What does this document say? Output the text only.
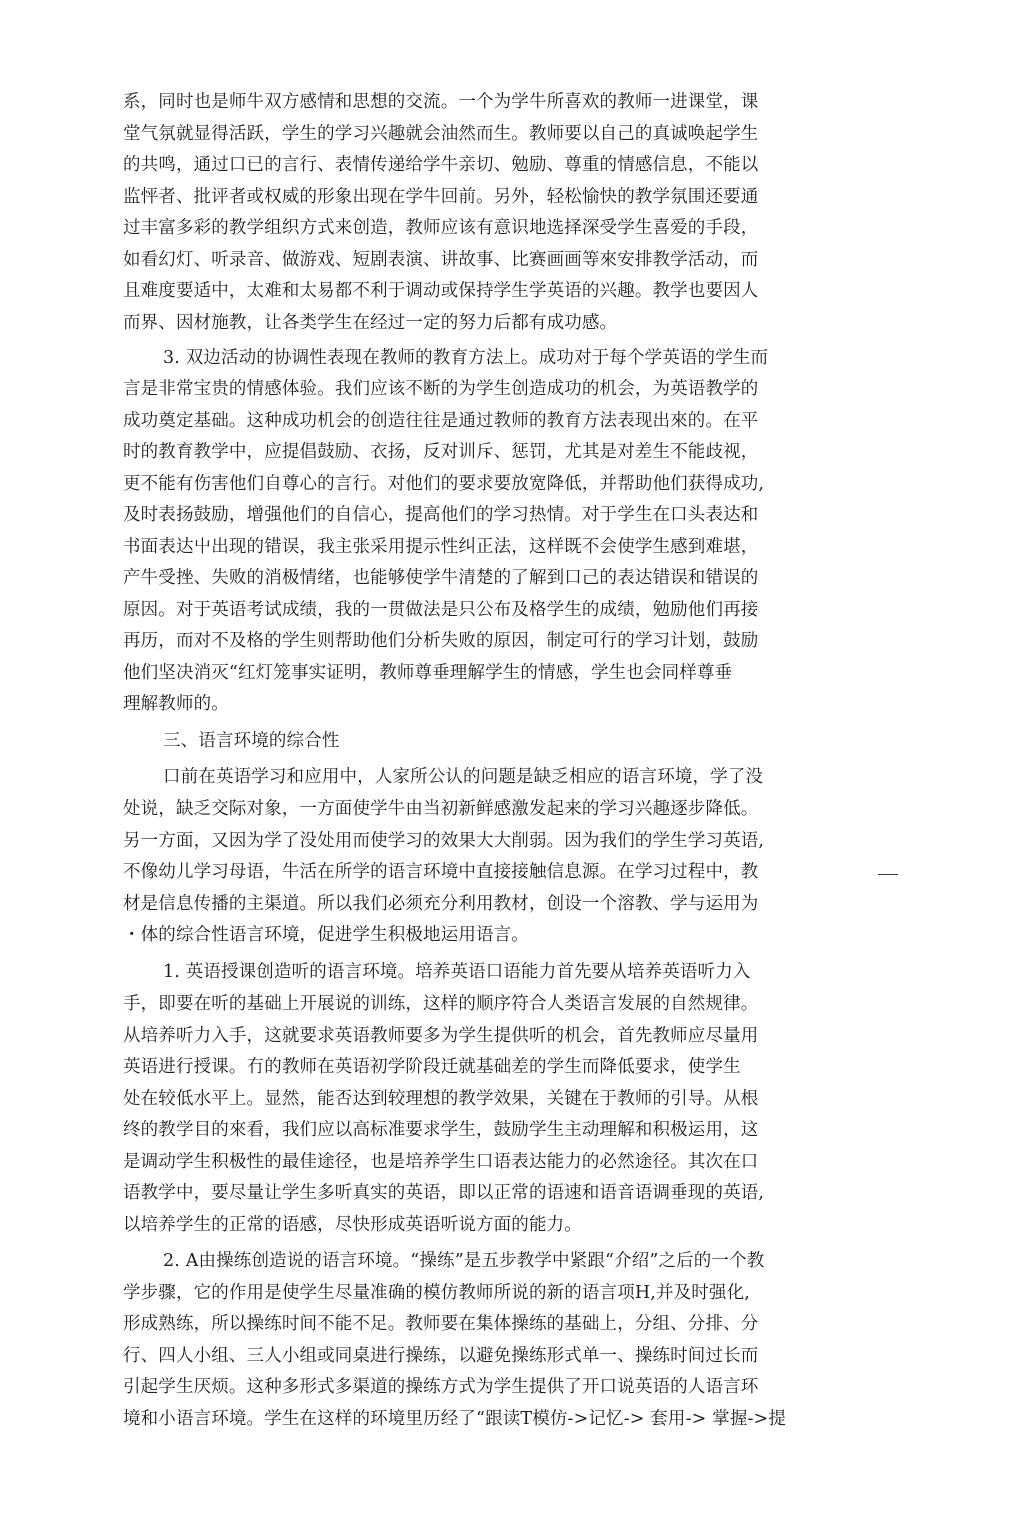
系，同时也是师牛双方感情和思想的交流。一个为学牛所喜欢的教师一进课堂，课

堂气氛就显得活跃，学生的学习兴趣就会油然而生。教师要以自己的真诚唤起学生

的共鸣，通过口已的言行、表情传递给学牛亲切、勉励、尊重的情感信息，不能以

监怦者、批评者或权威的形象出现在学牛回前。另外，轻松愉快的教学氛围还要通

过丰富多彩的教学组织方式来创造，教师应该有意识地选择深受学生喜爱的手段，

如看幻灯、听录音、做游戏、短剧表演、讲故事、比赛画画等來安排教学活动，而

且难度要适中，太难和太易都不利于调动或保持学生学英语的兴趣。教学也要因人

而界、因材施教，让各类学生在经过一定的努力后都有成功感。

3. 双边活动的协调性表现在教师的教育方法上。成功对于每个学英语的学生而

言是非常宝贵的情感体验。我们应该不断的为学生创造成功的机会，为英语教学的

成功奠定基础。这种成功机会的创造往往是通过教师的教育方法表现出來的。在平

时的教育教学中，应提倡鼓励、衣扬，反对训斥、惩罚，尤其是对差生不能歧视，

更不能有伤害他们自尊心的言行。对他们的要求要放宽降低，并帮助他们获得成功,

及时表扬鼓励，增强他们的自信心，提高他们的学习热情。对于学生在口头表达和

书面表达屮出现的错误，我主张采用提示性纠正法，这样既不会使学生感到难堪，

产牛受挫、失败的消极情绪，也能够使学牛清楚的了解到口己的表达错误和错误的

原因。对于英语考试成绩，我的一贯做法是只公布及格学生的成绩，勉励他们再接

再历，而对不及格的学生则帮助他们分析失败的原因，制定可行的学习计划，鼓励

他们坚决消灭“红灯笼事实证明，教师尊垂理解学生的情感，学生也会同样尊垂

理解教师的。

三、语言环境的综合性

口前在英语学习和应用中，人家所公认的问题是缺乏相应的语言环境，学了没

处说，缺乏交际对象，一方面使学牛由当初新鲜感激发起来的学习兴趣逐步降低。

另一方面，又因为学了没处用而使学习的效果大大削弱。因为我们的学生学习英语,

不像幼儿学习母语，牛活在所学的语言环境中直接接触信息源。在学习过程中，教

材是信息传播的主渠道。所以我们必须充分利用教材，创设一个溶教、学与运用为

・体的综合性语言环境，促进学生积极地运用语言。

1. 英语授课创造听的语言环境。培养英语口语能力首先要从培养英语听力入

手，即要在听的基础上开展说的训练，这样的顺序符合人类语言发展的自然规律。

从培养听力入手，这就要求英语教师要多为学生提供听的机会，首先教师应尽量用

英语进行授课。冇的教师在英语初学阶段迁就基础差的学生而降低要求，使学生

处在较低水平上。显然，能否达到较理想的教学效果，关键在于教师的引导。从根

终的教学目的來看，我们应以高标准要求学生，鼓励学生主动理解和积极运用，这

是调动学生积极性的最佳途径，也是培养学生口语表达能力的必然途径。其次在口

语教学中，要尽量让学生多听真实的英语，即以正常的语速和语音语调垂现的英语,

以培养学生的正常的语感，尽快形成英语听说方面的能力。

2. A由操练创造说的语言环境。“操练”是五步教学中紧跟“介绍”之后的一个教

学步骤，它的作用是使学生尽量准确的模仿教师所说的新的语言项H,并及时强化,

形成熟练，所以操练时间不能不足。教师要在集体操练的基础上，分组、分排、分

行、四人小组、三人小组或同桌进行操练，以避免操练形式单一、操练时间过长而

引起学生厌烦。这种多形式多渠道的操练方式为学生提供了开口说英语的人语言环

境和小语言环境。学生在这样的环境里历经了“跟读T模仿->记忆-> 套用-> 掌握->提
